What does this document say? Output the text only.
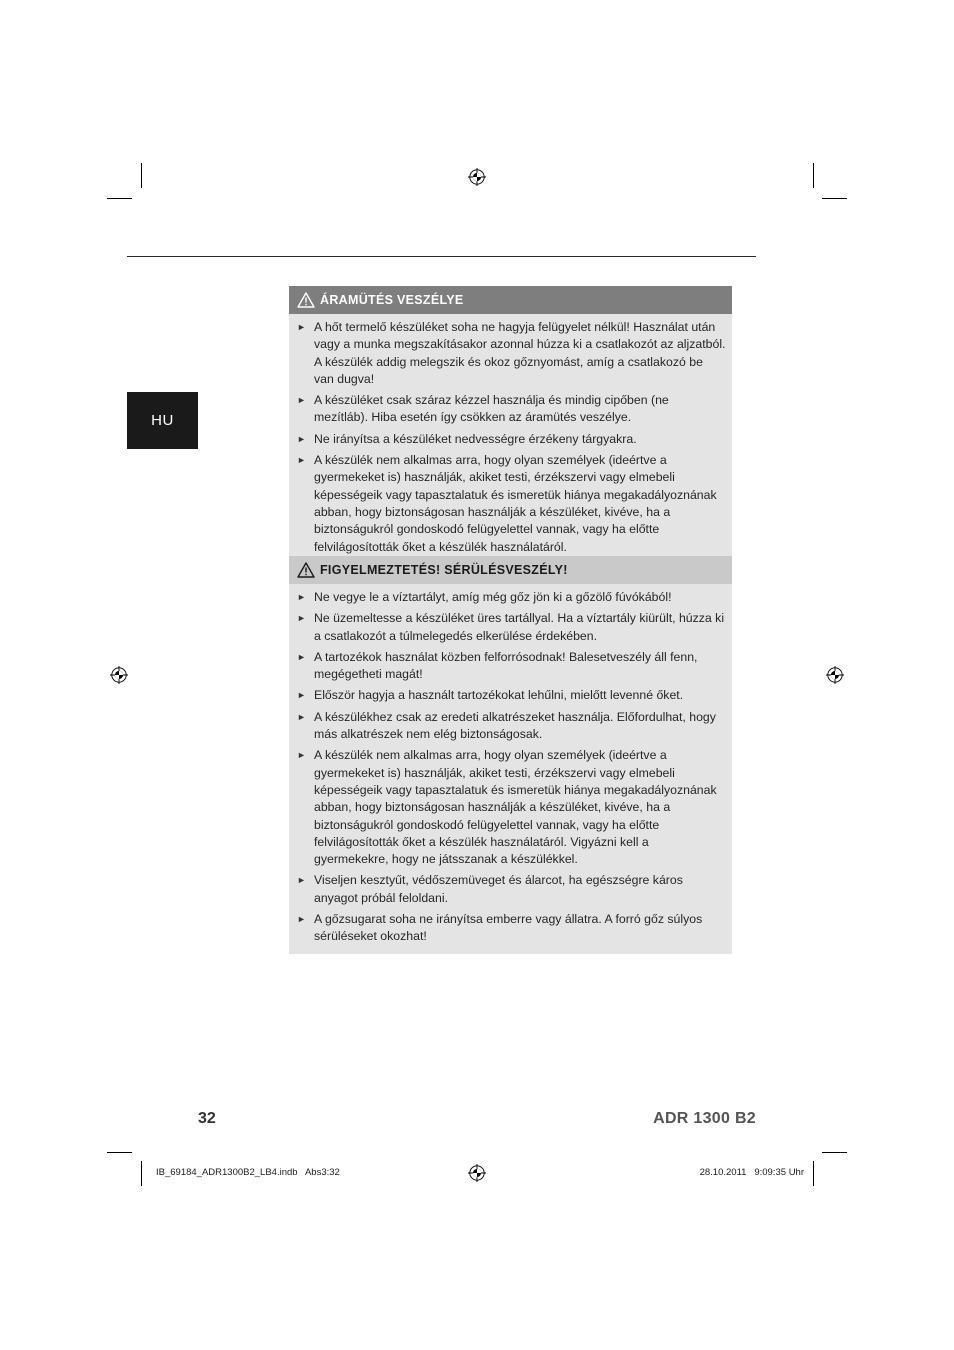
HU
ÁRAMÜTÉS VESZÉLYE
► A hőt termelő készüléket soha ne hagyja felügyelet nélkül! Használat után vagy a munka megszakításakor azonnal húzza ki a csatlakozót az aljzatból. A készülék addig melegszik és okoz gőznyomást, amíg a csatlakozó be van dugva!
► A készüléket csak száraz kézzel használja és mindig cipőben (ne mezítláb). Hiba esetén így csökken az áramütés veszélye.
► Ne irányítsa a készüléket nedvességre érzékeny tárgyakra.
► A készülék nem alkalmas arra, hogy olyan személyek (ideértve a gyermekeket is) használják, akiket testi, érzékszervi vagy elmebeli képességeik vagy tapasztalatuk és ismeretük hiánya megakadályoznának abban, hogy biztonságosan használják a készüléket, kivéve, ha a biztonságukról gondoskodó felügyelettel vannak, vagy ha előtte felvilágosították őket a készülék használatáról.
FIGYELMEZTETÉS! SÉRÜLÉSVESZÉLY!
► Ne vegye le a víztartályt, amíg még gőz jön ki a gőzölő fúvókából!
► Ne üzemeltesse a készüléket üres tartállyal. Ha a víztartály kiürült, húzza ki a csatlakozót a túlmelegedés elkerülése érdekében.
► A tartozékok használat közben felforrósodnak! Balesetveszély áll fenn, megégetheti magát!
► Először hagyja a használt tartozékokat lehűlni, mielőtt levenné őket.
► A készülékhez csak az eredeti alkatrészeket használja. Előfordulhat, hogy más alkatrészek nem elég biztonságosak.
► A készülék nem alkalmas arra, hogy olyan személyek (ideértve a gyermekeket is) használják, akiket testi, érzékszervi vagy elmebeli képességeik vagy tapasztalatuk és ismeretük hiánya megakadályoznának abban, hogy biztonságosan használják a készüléket, kivéve, ha a biztonságukról gondoskodó felügyelettel vannak, vagy ha előtte felvilágosították őket a készülék használatáról. Vigyázni kell a gyermekekre, hogy ne játsszanak a készülékkel.
► Viseljen kesztyűt, védőszemüveget és álarcot, ha egészségre káros anyagot próbál feloldani.
► A gőzsugarat soha ne irányítsa emberre vagy állatra. A forró gőz súlyos sérüléseket okozhat!
32	ADR 1300 B2
IB_69184_ADR1300B2_LB4.indb   Abs3:32	28.10.2011   9:09:35 Uhr
